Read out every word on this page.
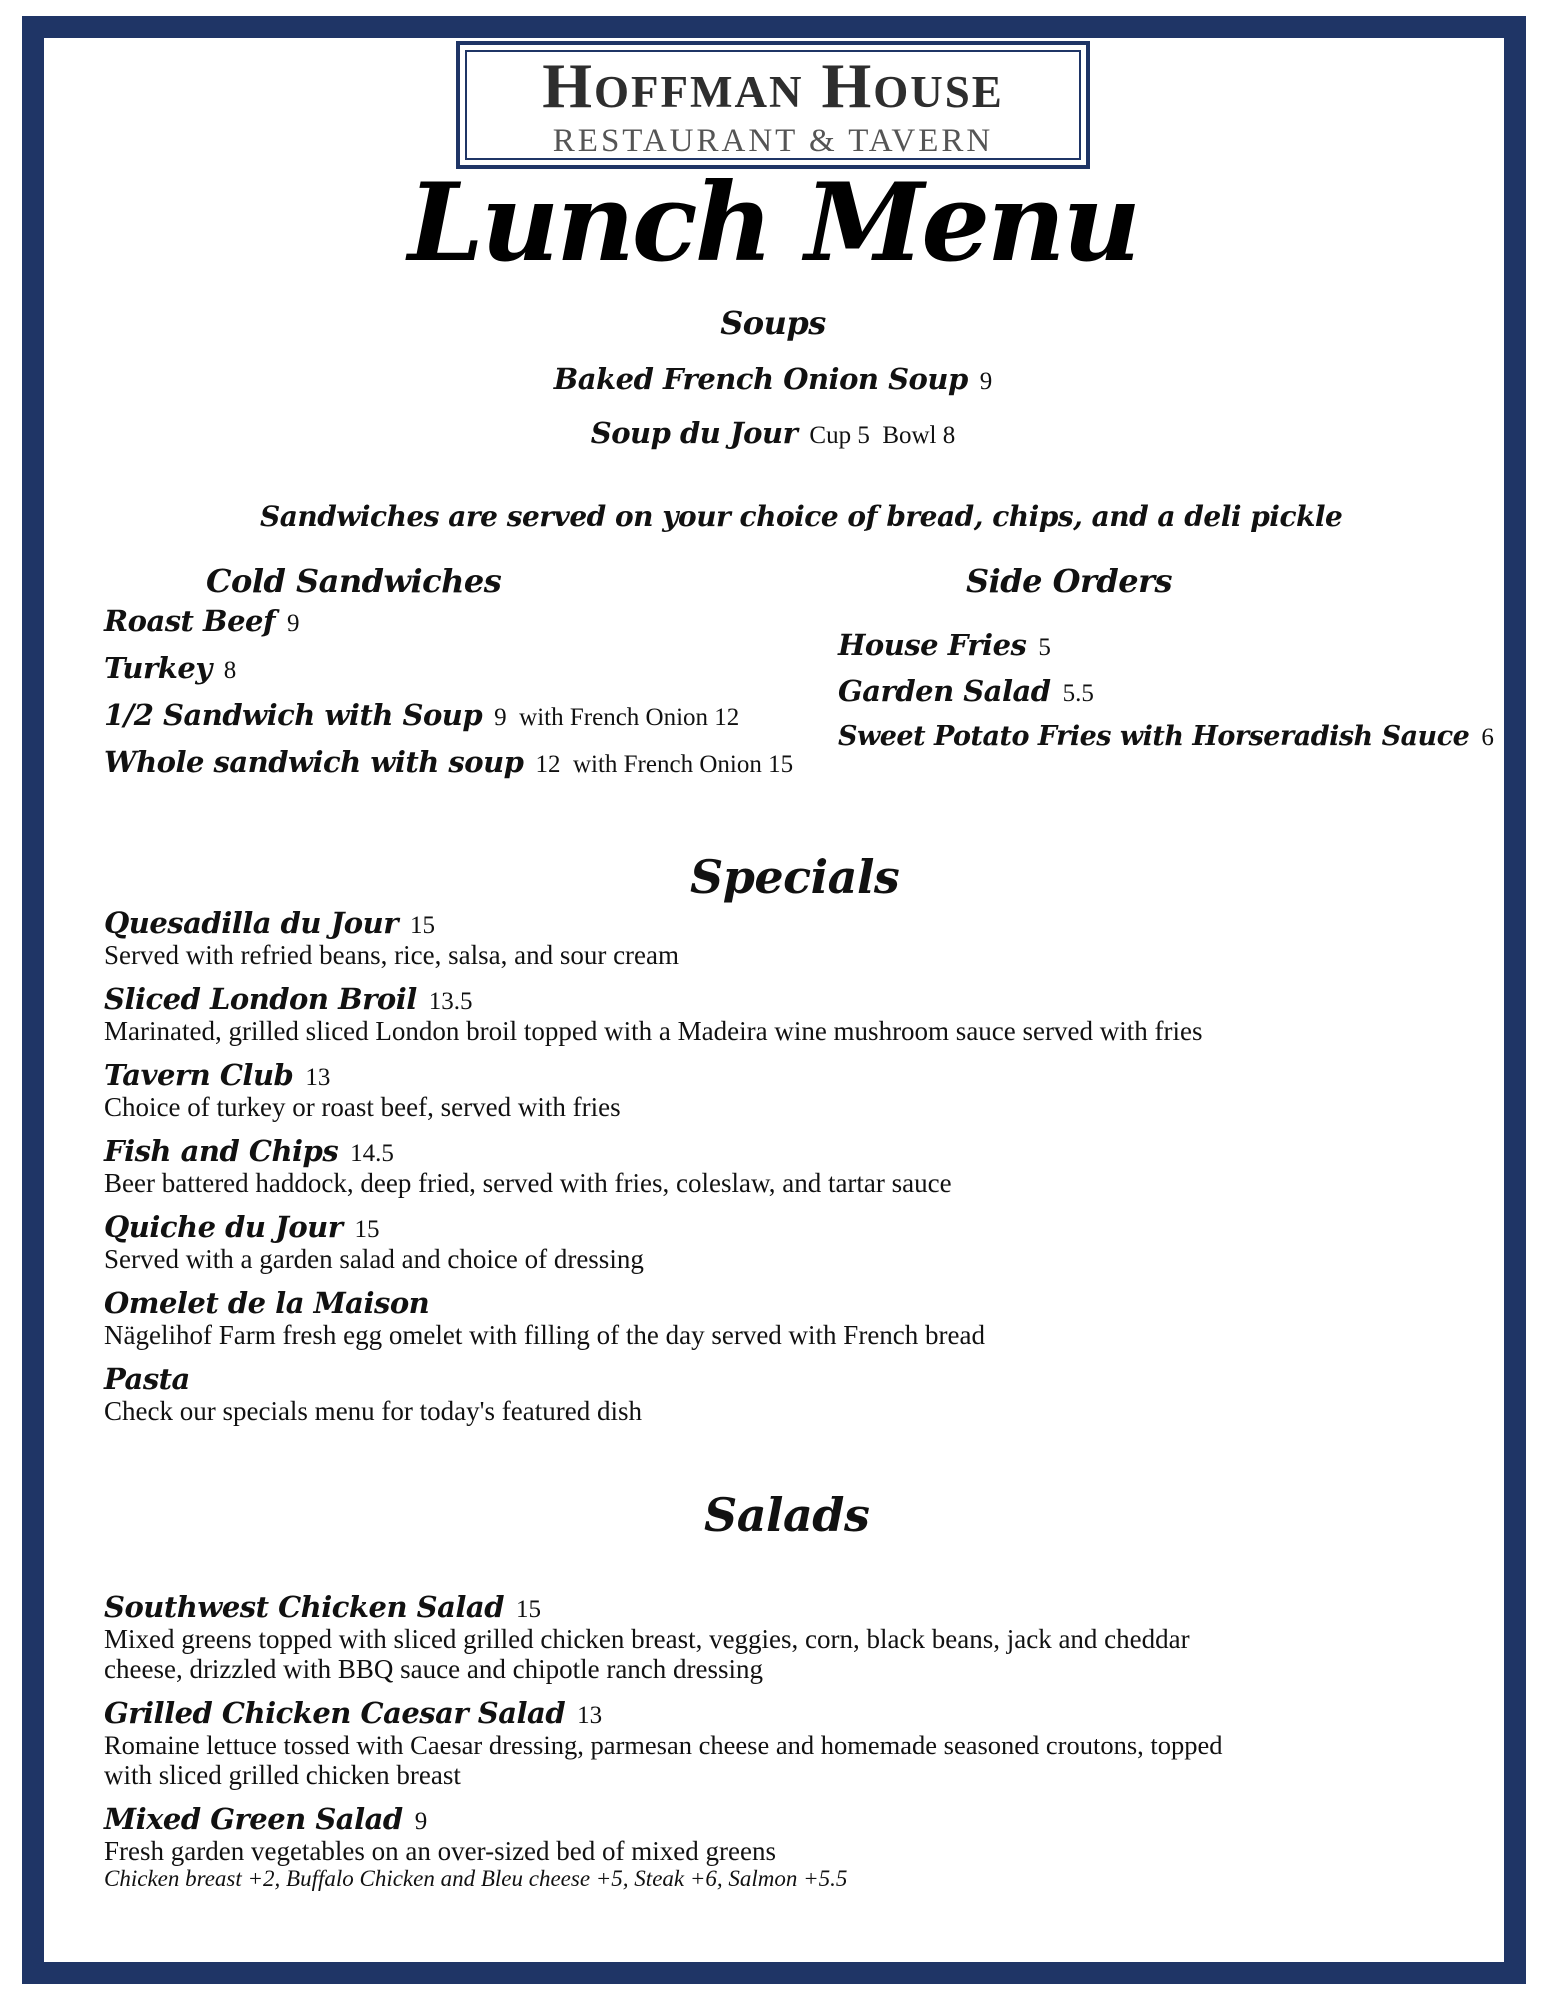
Hoffman House
RESTAURANT & TAVERN
Lunch Menu
Soups
Baked French Onion Soup 9
Soup du Jour Cup 5  Bowl 8
Sandwiches are served on your choice of bread, chips, and a deli pickle
Cold Sandwiches
Roast Beef 9
Turkey 8
1/2 Sandwich with Soup 9  with French Onion 12
Whole sandwich with soup 12  with French Onion 15
Side Orders
House Fries 5
Garden Salad 5.5
Sweet Potato Fries with Horseradish Sauce 6
Specials
Quesadilla du Jour 15
Served with refried beans, rice, salsa, and sour cream
Sliced London Broil 13.5
Marinated, grilled sliced London broil topped with a Madeira wine mushroom sauce served with fries
Tavern Club 13
Choice of turkey or roast beef, served with fries
Fish and Chips 14.5
Beer battered haddock, deep fried, served with fries, coleslaw, and tartar sauce
Quiche du Jour 15
Served with a garden salad and choice of dressing
Omelet de la Maison
Nägelihof Farm fresh egg omelet with filling of the day served with French bread
Pasta
Check our specials menu for today's featured dish
Salads
Southwest Chicken Salad 15
Mixed greens topped with sliced grilled chicken breast, veggies, corn, black beans, jack and cheddar
cheese, drizzled with BBQ sauce and chipotle ranch dressing
Grilled Chicken Caesar Salad 13
Romaine lettuce tossed with Caesar dressing, parmesan cheese and homemade seasoned croutons, topped
with sliced grilled chicken breast
Mixed Green Salad 9
Fresh garden vegetables on an over-sized bed of mixed greens
Chicken breast +2, Buffalo Chicken and Bleu cheese +5, Steak +6, Salmon +5.5
